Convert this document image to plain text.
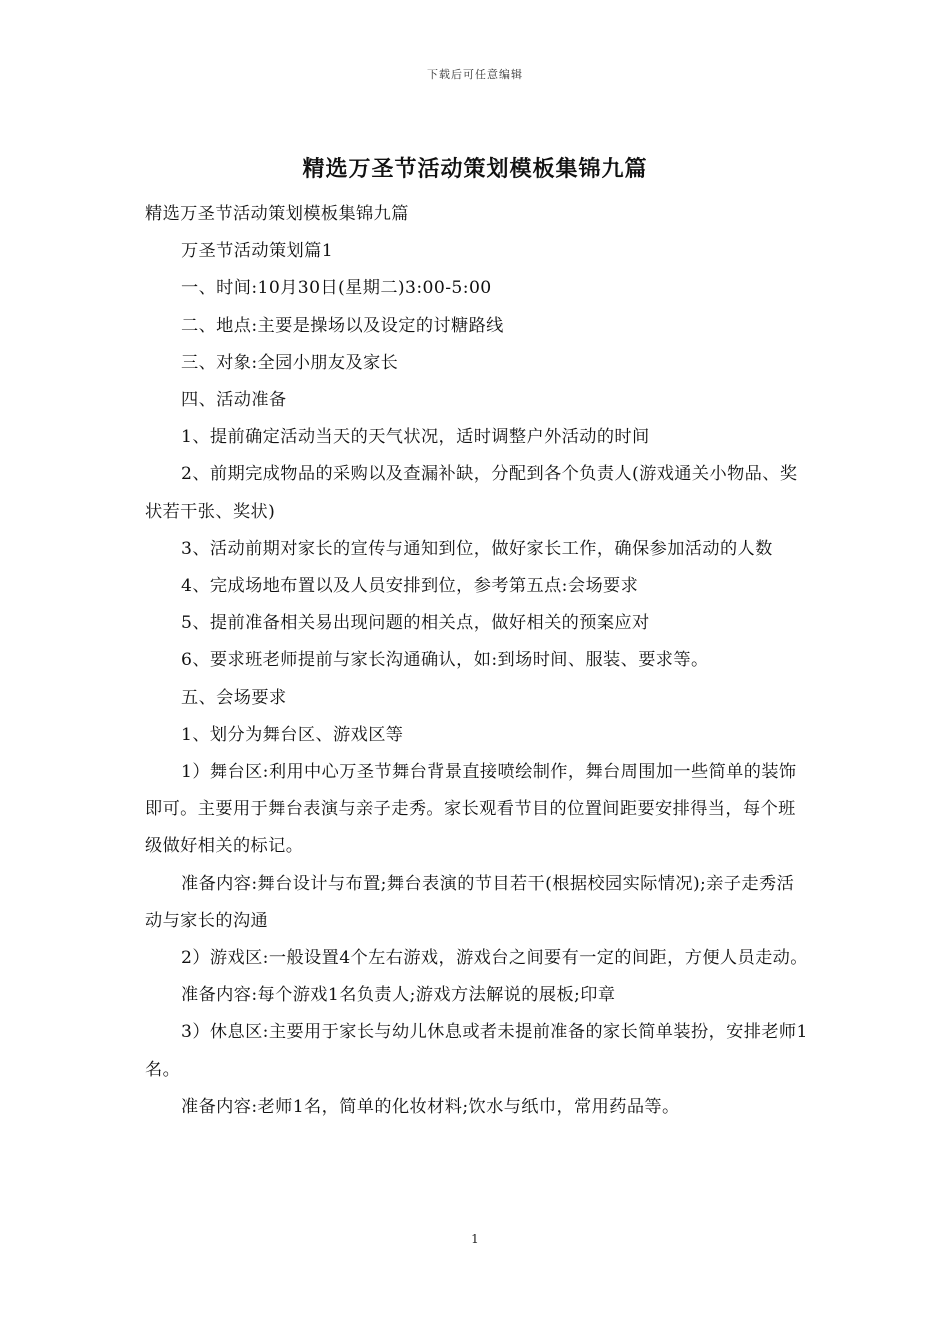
下载后可任意编辑
精选万圣节活动策划模板集锦九篇

精选万圣节活动策划模板集锦九篇

万圣节活动策划篇1

一、时间:10月30日(星期二)3:00-5:00

二、地点:主要是操场以及设定的讨糖路线

三、对象:全园小朋友及家长

四、活动准备

1、提前确定活动当天的天气状况，适时调整户外活动的时间

2、前期完成物品的采购以及查漏补缺，分配到各个负责人(游戏通关小物品、奖状若干张、奖状)

3、活动前期对家长的宣传与通知到位，做好家长工作，确保参加活动的人数

4、完成场地布置以及人员安排到位，参考第五点:会场要求

5、提前准备相关易出现问题的相关点，做好相关的预案应对

6、要求班老师提前与家长沟通确认，如:到场时间、服装、要求等。

五、会场要求

1、划分为舞台区、游戏区等

1）舞台区:利用中心万圣节舞台背景直接喷绘制作，舞台周围加一些简单的装饰即可。主要用于舞台表演与亲子走秀。家长观看节目的位置间距要安排得当，每个班级做好相关的标记。

准备内容:舞台设计与布置;舞台表演的节目若干(根据校园实际情况);亲子走秀活动与家长的沟通

2）游戏区:一般设置4个左右游戏，游戏台之间要有一定的间距，方便人员走动。

准备内容:每个游戏1名负责人;游戏方法解说的展板;印章

3）休息区:主要用于家长与幼儿休息或者未提前准备的家长简单装扮，安排老师1名。

准备内容:老师1名，简单的化妆材料;饮水与纸巾，常用药品等。

1
